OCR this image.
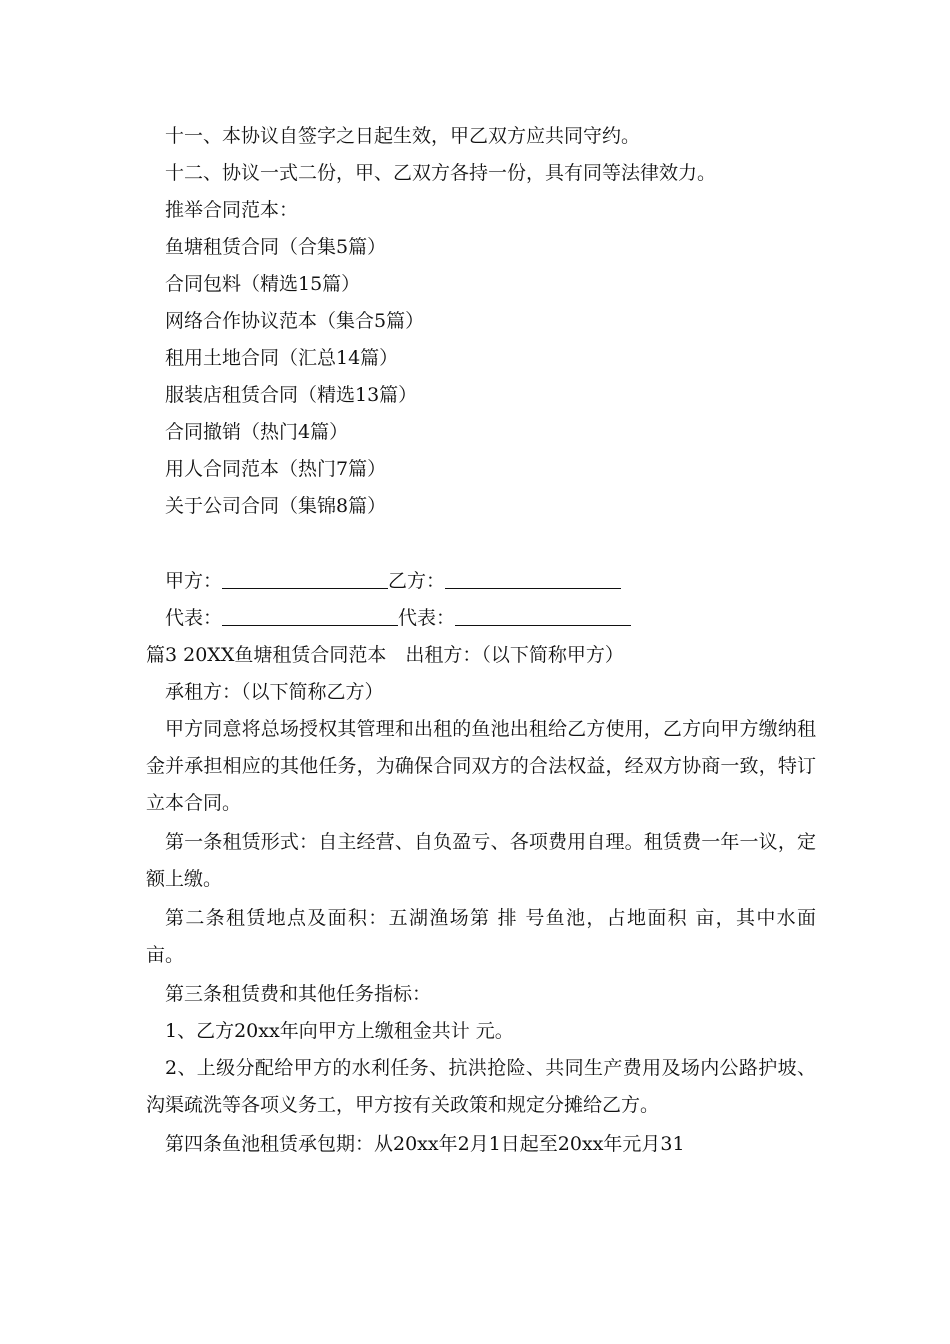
十一、本协议自签字之日起生效，甲乙双方应共同守约。

十二、协议一式二份，甲、乙双方各持一份，具有同等法律效力。

推举合同范本：

鱼塘租赁合同（合集5篇）

合同包料（精选15篇）

网络合作协议范本（集合5篇）

租用土地合同（汇总14篇）

服装店租赁合同（精选13篇）

合同撤销（热门4篇）

用人合同范本（热门7篇）

关于公司合同（集锦8篇）

甲方：	乙方：

代表：	代表：

篇3 20XX鱼塘租赁合同范本　出租方：（以下简称甲方）

承租方：（以下简称乙方）

甲方同意将总场授权其管理和出租的鱼池出租给乙方使用，乙方向甲方缴纳租金并承担相应的其他任务，为确保合同双方的合法权益，经双方协商一致，特订立本合同。

第一条租赁形式：自主经营、自负盈亏、各项费用自理。租赁费一年一议，定额上缴。

第二条租赁地点及面积：五湖渔场第 排 号鱼池，占地面积 亩，其中水面 亩。

第三条租赁费和其他任务指标：

1、乙方20xx年向甲方上缴租金共计 元。

2、上级分配给甲方的水利任务、抗洪抢险、共同生产费用及场内公路护坡、沟渠疏洗等各项义务工，甲方按有关政策和规定分摊给乙方。

第四条鱼池租赁承包期：从20xx年2月1日起至20xx年元月31
